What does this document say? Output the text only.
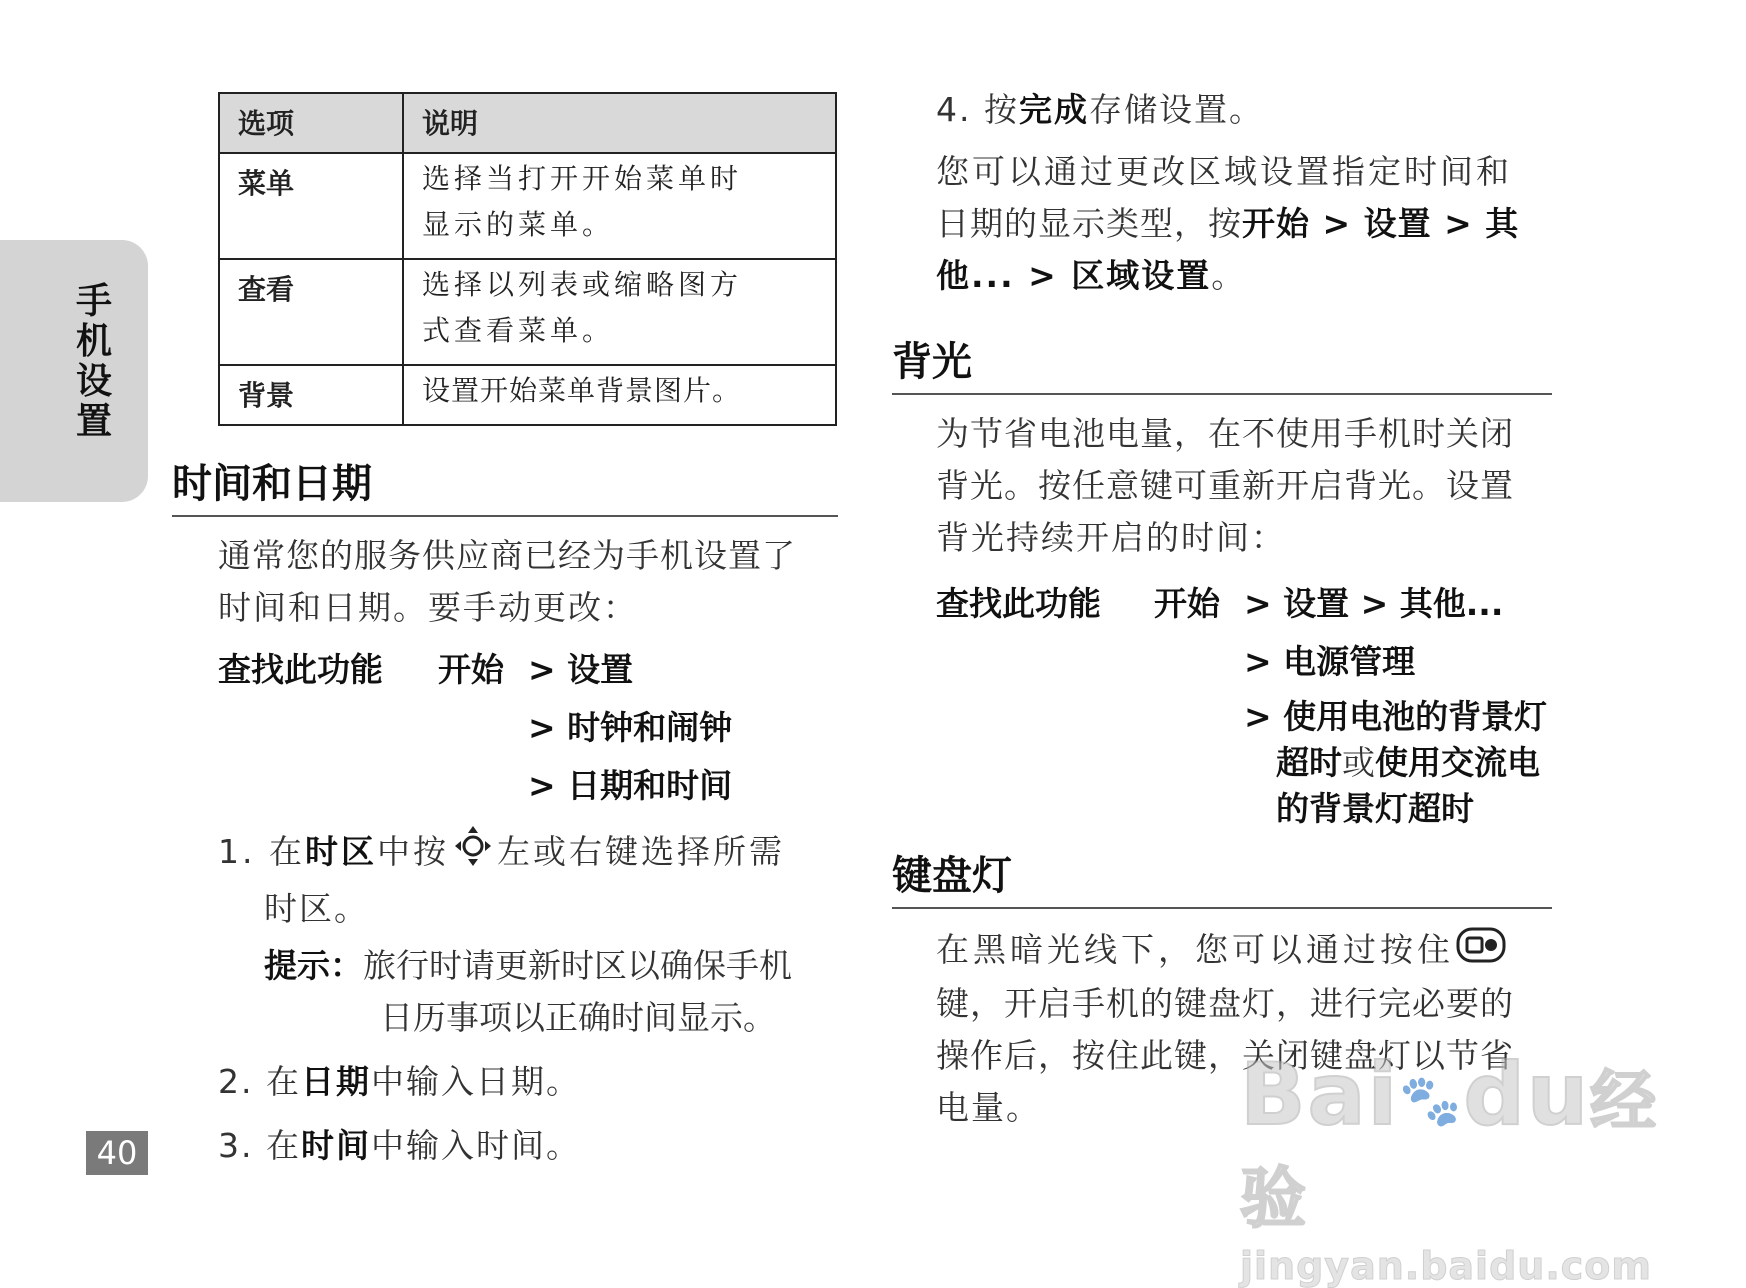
手机设置
40
选项	说明
菜单	选择当打开开始菜单时
显示的菜单。

查看	选择以列表或缩略图方
式查看菜单。

背景	设置开始菜单背景图片。
时间和日期
通常您的服务供应商已经为手机设置了
时间和日期。要手动更改：
查找此功能 开始 > 设置
> 时钟和闹钟
> 日期和时间
1. 在时区中按 左或右键选择所需
时区。
提示：旅行时请更新时区以确保手机
日历事项以正确时间显示。
2. 在日期中输入日期。
3. 在时间中输入时间。
4. 按完成存储设置。
您可以通过更改区域设置指定时间和
日期的显示类型，按开始 > 设置 > 其
他... > 区域设置。
背光
为节省电池电量，在不使用手机时关闭
背光。按任意键可重新开启背光。设置
背光持续开启的时间：
查找此功能 开始 > 设置 > 其他...
> 电源管理
> 使用电池的背景灯
超时或使用交流电
的背景灯超时
键盘灯
在黑暗光线下，您可以通过按住
键，开启手机的键盘灯，进行完必要的
操作后，按住此键，关闭键盘灯以节省
电量。	Bai🐾du经验
jingyan.baidu.com
